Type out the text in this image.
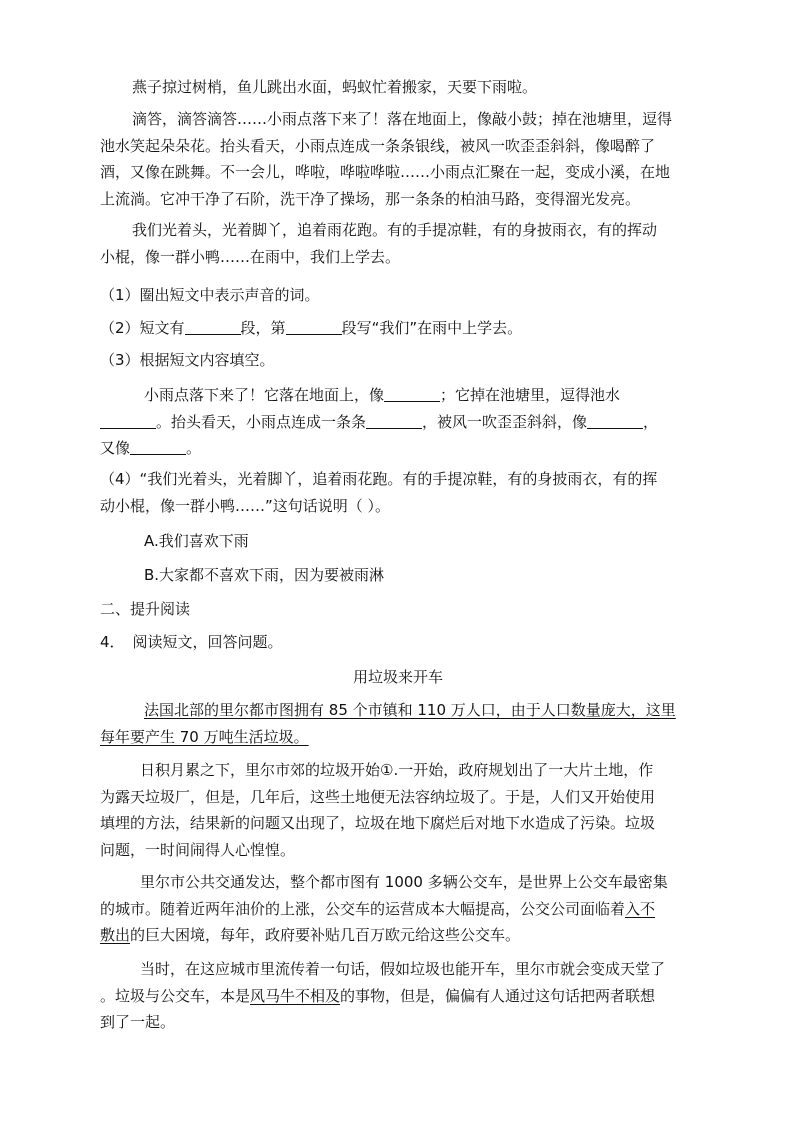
燕子掠过树梢，鱼儿跳出水面，蚂蚁忙着搬家，天要下雨啦。

滴答，滴答滴答……小雨点落下来了！落在地面上，像敲小鼓；掉在池塘里，逗得

池水笑起朵朵花。抬头看天，小雨点连成一条条银线，被风一吹歪歪斜斜，像喝醉了

酒，又像在跳舞。不一会儿，哗啦，哗啦哗啦……小雨点汇聚在一起，变成小溪，在地

上流淌。它冲干净了石阶，洗干净了操场，那一条条的柏油马路，变得溜光发亮。

我们光着头，光着脚丫，追着雨花跑。有的手提凉鞋，有的身披雨衣，有的挥动

小棍，像一群小鸭……在雨中，我们上学去。

（1）圈出短文中表示声音的词。

（2）短文有	段，第	段写“我们”在雨中上学去。

（3）根据短文内容填空。

小雨点落下来了！它落在地面上，像	；它掉在池塘里，逗得池水

。抬头看天，小雨点连成一条条	，被风一吹歪歪斜斜，像	，

又像	。

（4）“我们光着头，光着脚丫，追着雨花跑。有的手提凉鞋，有的身披雨衣，有的挥

动小棍，像一群小鸭……”这句话说明（ ）。

A.我们喜欢下雨

B.大家都不喜欢下雨，因为要被雨淋

二、提升阅读

4． 阅读短文，回答问题。

用垃圾来开车

法国北部的里尔都市图拥有 85 个市镇和 110 万人口，由于人口数量庞大，这里

每年要产生 70 万吨生活垃圾。

日积月累之下，里尔市郊的垃圾开始①.一开始，政府规划出了一大片土地，作

为露天垃圾厂，但是，几年后，这些土地便无法容纳垃圾了。于是，人们又开始使用

填埋的方法，结果新的问题又出现了，垃圾在地下腐烂后对地下水造成了污染。垃圾

问题，一时间闹得人心惶惶。

里尔市公共交通发达，整个都市图有 1000 多辆公交车，是世界上公交车最密集

的城市。随着近两年油价的上涨，公交车的运营成本大幅提高，公交公司面临着入不

敷出的巨大困境，每年，政府要补贴几百万欧元给这些公交车。

当时，在这应城市里流传着一句话，假如垃圾也能开车，里尔市就会变成天堂了

。垃圾与公交车，本是风马牛不相及的事物，但是，偏偏有人通过这句话把两者联想

到了一起。
